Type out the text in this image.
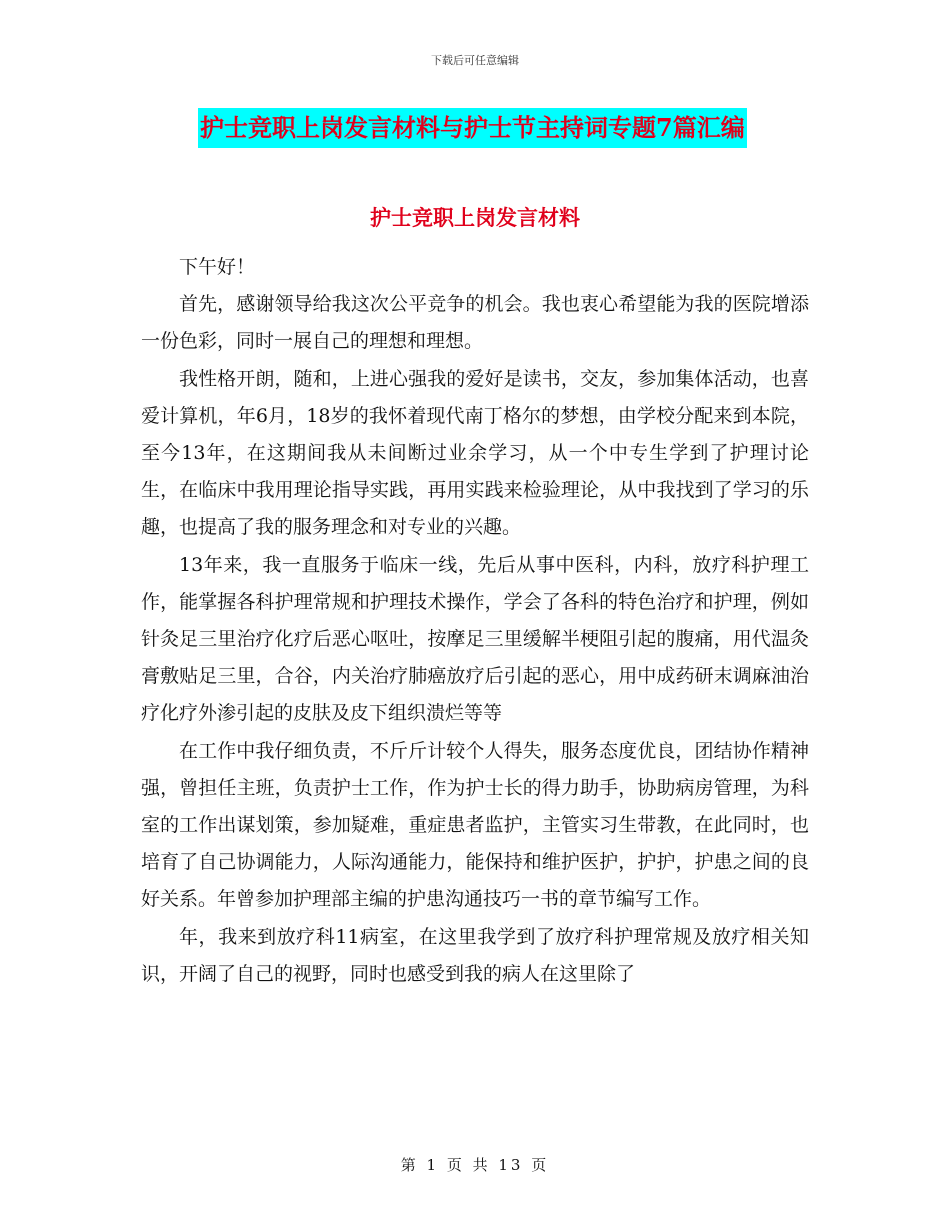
下载后可任意编辑
护士竞职上岗发言材料与护士节主持词专题7篇汇编
护士竞职上岗发言材料

下午好！

首先，感谢领导给我这次公平竞争的机会。我也衷心希望能为我的医院增添一份色彩，同时一展自己的理想和理想。

我性格开朗，随和，上进心强我的爱好是读书，交友，参加集体活动，也喜爱计算机，年6月，18岁的我怀着现代南丁格尔的梦想，由学校分配来到本院，至今13年，在这期间我从未间断过业余学习，从一个中专生学到了护理讨论生，在临床中我用理论指导实践，再用实践来检验理论，从中我找到了学习的乐趣，也提高了我的服务理念和对专业的兴趣。

13年来，我一直服务于临床一线，先后从事中医科，内科，放疗科护理工作，能掌握各科护理常规和护理技术操作，学会了各科的特色治疗和护理，例如针灸足三里治疗化疗后恶心呕吐，按摩足三里缓解半梗阻引起的腹痛，用代温灸膏敷贴足三里，合谷，内关治疗肺癌放疗后引起的恶心，用中成药研末调麻油治疗化疗外渗引起的皮肤及皮下组织溃烂等等

在工作中我仔细负责，不斤斤计较个人得失，服务态度优良，团结协作精神强，曾担任主班，负责护士工作，作为护士长的得力助手，协助病房管理，为科室的工作出谋划策，参加疑难，重症患者监护，主管实习生带教，在此同时，也培育了自己协调能力，人际沟通能力，能保持和维护医护，护护，护患之间的良好关系。年曾参加护理部主编的护患沟通技巧一书的章节编写工作。

年，我来到放疗科11病室，在这里我学到了放疗科护理常规及放疗相关知识，开阔了自己的视野，同时也感受到我的病人在这里除了

第 1 页 共 13 页
